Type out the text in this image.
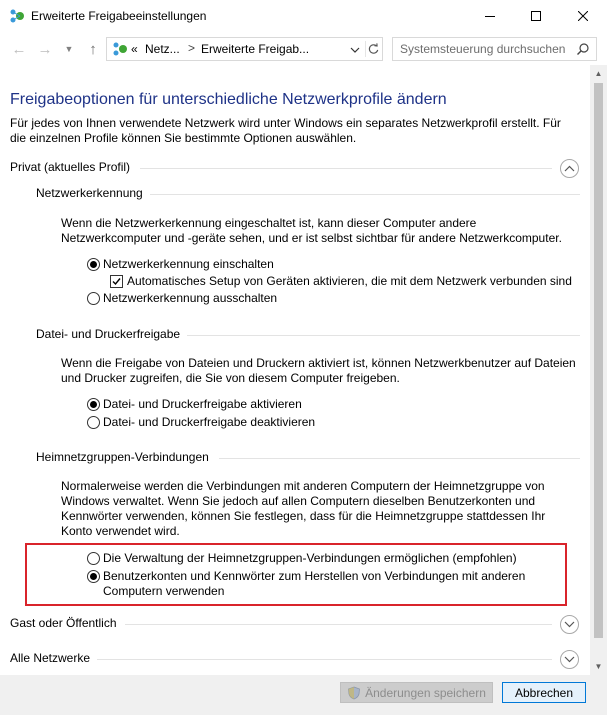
Erweiterte Freigabeeinstellungen
← → ▼ ↑	« Netz... > Erweiterte Freigab...
Systemsteuerung durchsuchen
Freigabeoptionen für unterschiedliche Netzwerkprofile ändern
Für jedes von Ihnen verwendete Netzwerk wird unter Windows ein separates Netzwerkprofil erstellt. Für die einzelnen Profile können Sie bestimmte Optionen auswählen.
Privat (aktuelles Profil)
Netzwerkerkennung
Wenn die Netzwerkerkennung eingeschaltet ist, kann dieser Computer andere Netzwerkcomputer und -geräte sehen, und er ist selbst sichtbar für andere Netzwerkcomputer.
Netzwerkerkennung einschalten
Automatisches Setup von Geräten aktivieren, die mit dem Netzwerk verbunden sind
Netzwerkerkennung ausschalten
Datei- und Druckerfreigabe
Wenn die Freigabe von Dateien und Druckern aktiviert ist, können Netzwerkbenutzer auf Dateien und Drucker zugreifen, die Sie von diesem Computer freigeben.
Datei- und Druckerfreigabe aktivieren
Datei- und Druckerfreigabe deaktivieren
Heimnetzgruppen-Verbindungen
Normalerweise werden die Verbindungen mit anderen Computern der Heimnetzgruppe von Windows verwaltet. Wenn Sie jedoch auf allen Computern dieselben Benutzerkonten und Kennwörter verwenden, können Sie festlegen, dass für die Heimnetzgruppe stattdessen Ihr Konto verwendet wird.
Die Verwaltung der Heimnetzgruppen-Verbindungen ermöglichen (empfohlen)
Benutzerkonten und Kennwörter zum Herstellen von Verbindungen mit anderen Computern verwenden
Gast oder Öffentlich
Alle Netzwerke
▲
▼
Änderungen speichern	Abbrechen
